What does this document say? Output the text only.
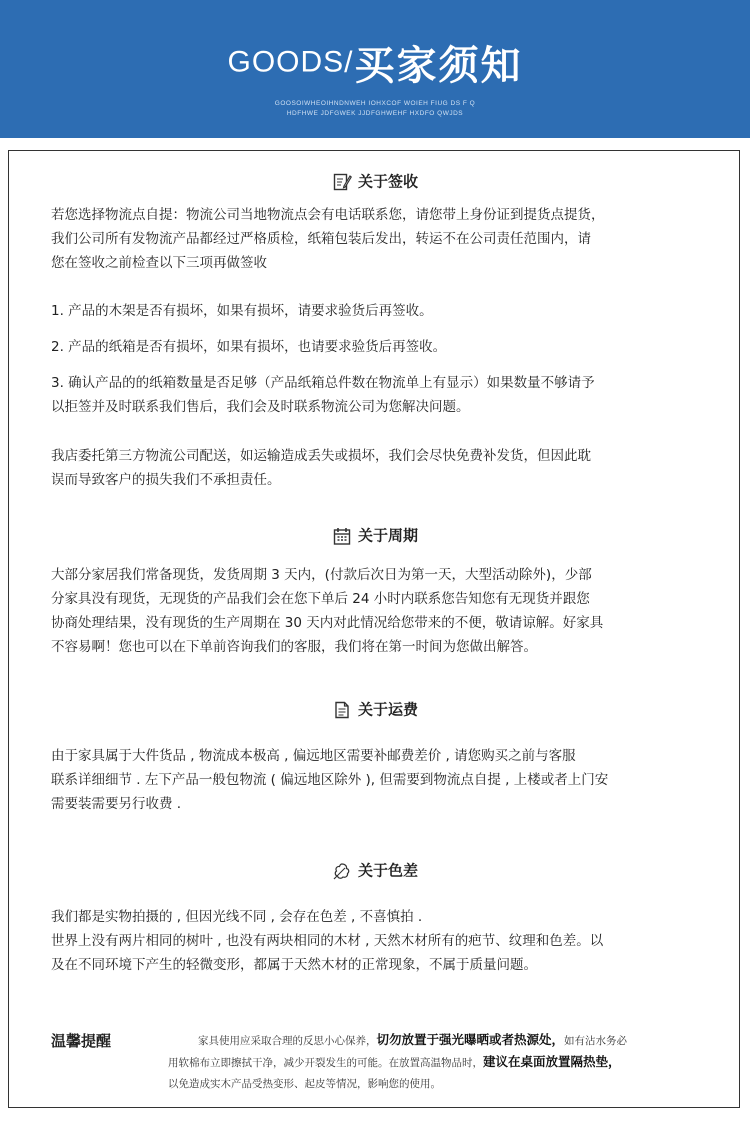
GOODS/买家须知
GOOSOIWHEOIHNDNWEH IOHXCOF WOIEH FIUG DS F Q
HDFHWE JDFGWEK JJDFGHWEHF HXDFO QWJDS
关于签收
若您选择物流点自提：物流公司当地物流点会有电话联系您，请您带上身份证到提货点提货，
我们公司所有发物流产品都经过严格质检，纸箱包装后发出，转运不在公司责任范围内，请
您在签收之前检查以下三项再做签收
1. 产品的木架是否有损坏，如果有损坏，请要求验货后再签收。
2. 产品的纸箱是否有损坏，如果有损坏，也请要求验货后再签收。
3. 确认产品的的纸箱数量是否足够（产品纸箱总件数在物流单上有显示）如果数量不够请予
以拒签并及时联系我们售后，我们会及时联系物流公司为您解决问题。
我店委托第三方物流公司配送，如运输造成丢失或损坏，我们会尽快免费补发货，但因此耽
误而导致客户的损失我们不承担责任。
关于周期
大部分家居我们常备现货，发货周期 3 天内，(付款后次日为第一天，大型活动除外)，少部
分家具没有现货，无现货的产品我们会在您下单后 24 小时内联系您告知您有无现货并跟您
协商处理结果，没有现货的生产周期在 30 天内对此情况给您带来的不便，敬请谅解。好家具
不容易啊！您也可以在下单前咨询我们的客服，我们将在第一时间为您做出解答。
关于运费
由于家具属于大件货品 , 物流成本极高 , 偏远地区需要补邮费差价 , 请您购买之前与客服
联系详细细节 . 左下产品一般包物流 ( 偏远地区除外 ), 但需要到物流点自提 , 上楼或者上门安
需要装需要另行收费 .
关于色差
我们都是实物拍摄的 , 但因光线不同 , 会存在色差 , 不喜慎拍 .
世界上没有两片相同的树叶 , 也没有两块相同的木材 , 天然木材所有的疤节、纹理和色差。以
及在不同环境下产生的轻微变形，都属于天然木材的正常现象，不属于质量问题。
温馨提醒	家具使用应采取合理的反思小心保养，切勿放置于强光曝晒或者热源处，如有沾水务必
用软棉布立即擦拭干净，减少开裂发生的可能。在放置高温物品时，建议在桌面放置隔热垫，
以免造成实木产品受热变形、起皮等情况，影响您的使用。
